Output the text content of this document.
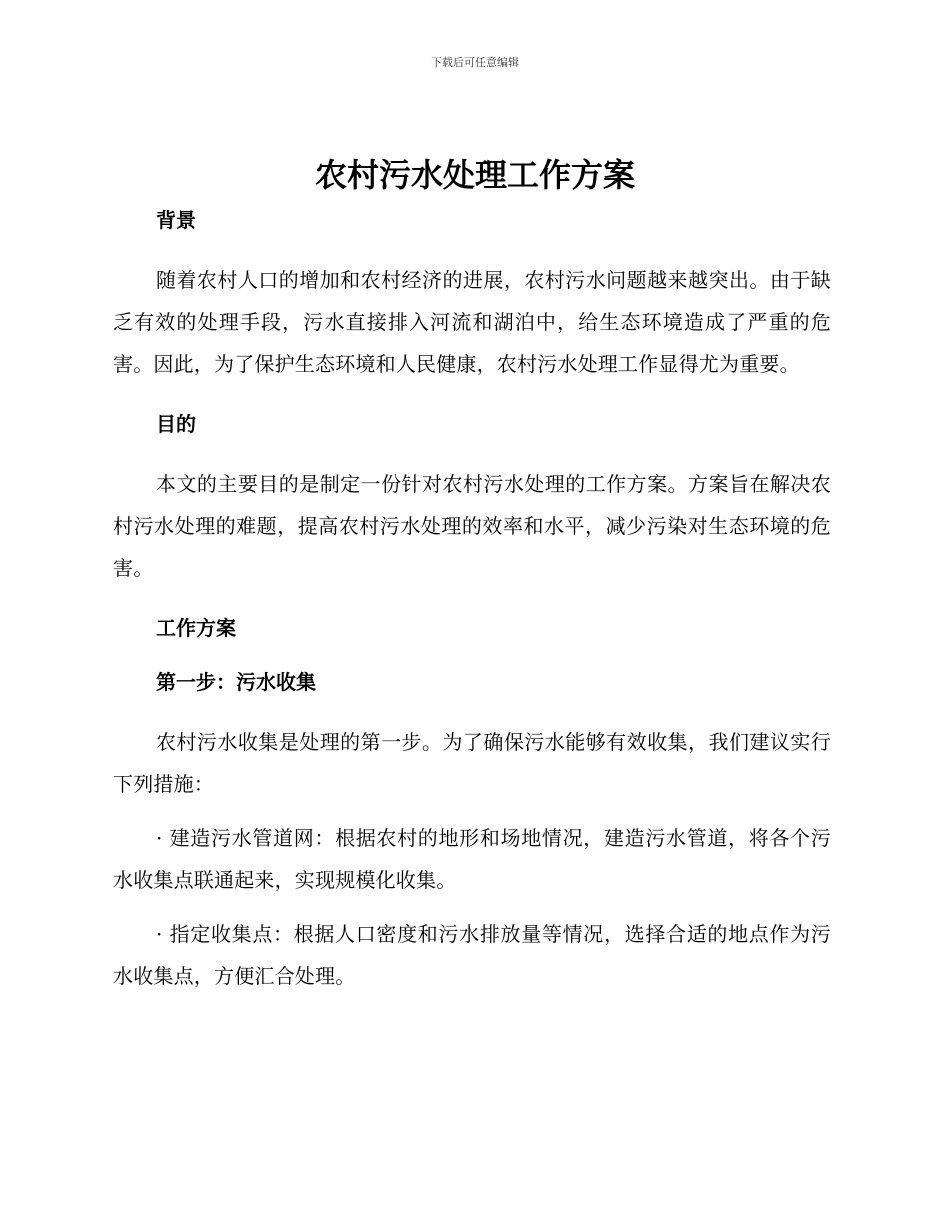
下载后可任意编辑
农村污水处理工作方案

背景

随着农村人口的增加和农村经济的进展，农村污水问题越来越突出。由于缺乏有效的处理手段，污水直接排入河流和湖泊中，给生态环境造成了严重的危害。因此，为了保护生态环境和人民健康，农村污水处理工作显得尤为重要。

目的

本文的主要目的是制定一份针对农村污水处理的工作方案。方案旨在解决农村污水处理的难题，提高农村污水处理的效率和水平，减少污染对生态环境的危害。

工作方案

第一步：污水收集

农村污水收集是处理的第一步。为了确保污水能够有效收集，我们建议实行下列措施：

· 建造污水管道网：根据农村的地形和场地情况，建造污水管道，将各个污水收集点联通起来，实现规模化收集。

· 指定收集点：根据人口密度和污水排放量等情况，选择合适的地点作为污水收集点，方便汇合处理。
